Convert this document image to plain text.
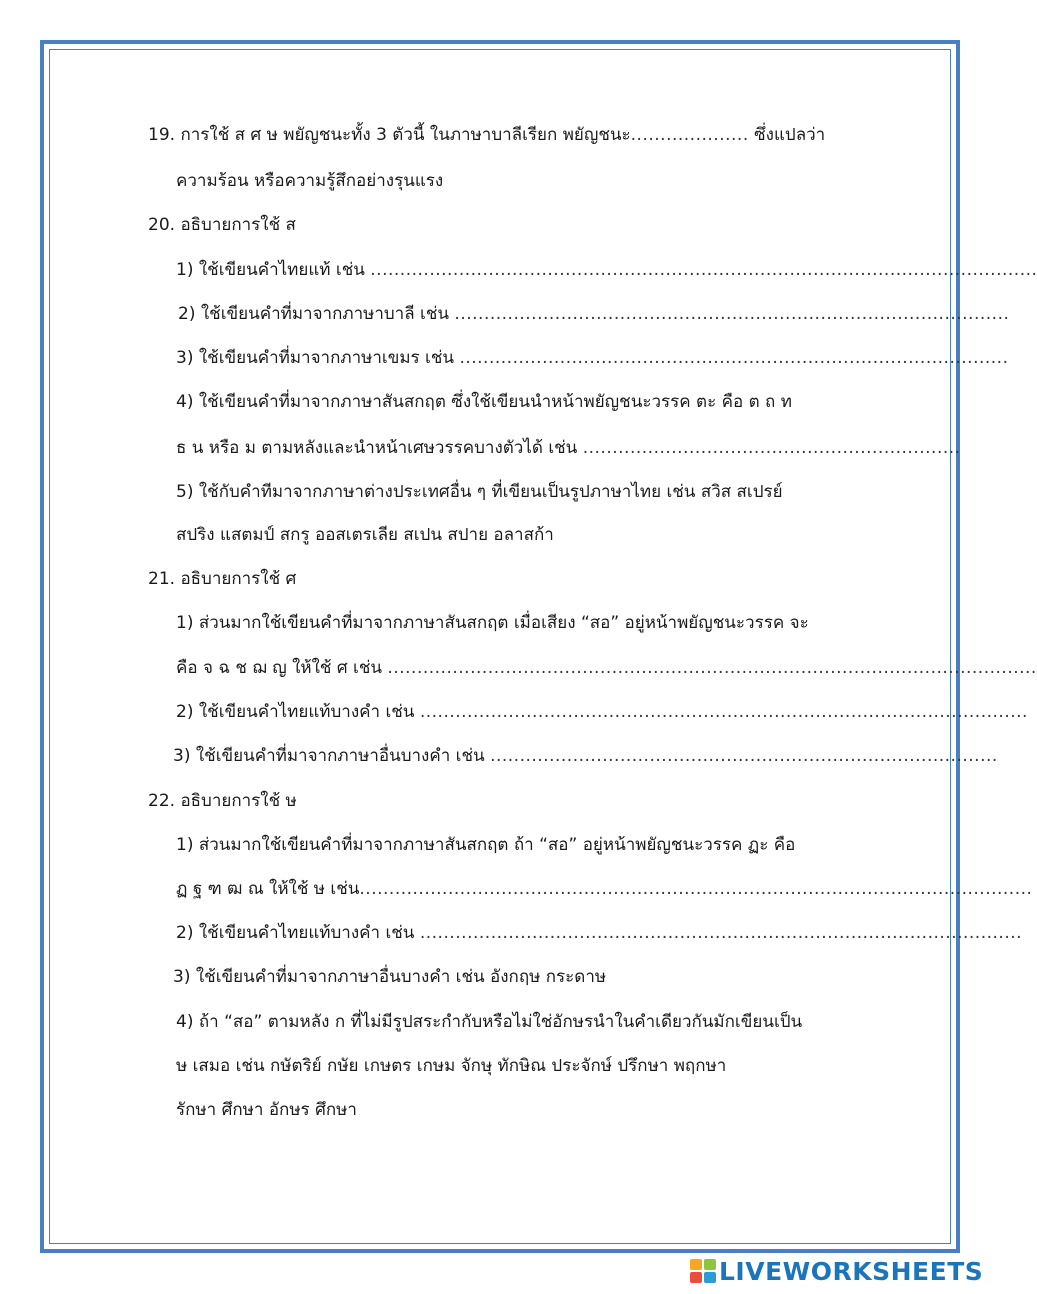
19. การใช้ ส ศ ษ พยัญชนะทั้ง 3 ตัวนี้ ในภาษาบาลีเรียก พยัญชนะ.................... ซึ่งแปลว่า
ความร้อน หรือความรู้สึกอย่างรุนแรง
20. อธิบายการใช้ ส
1) ใช้เขียนคำไทยแท้ เช่น .................................................................................................................
2) ใช้เขียนคำที่มาจากภาษาบาลี เช่น ..............................................................................................
3) ใช้เขียนคำที่มาจากภาษาเขมร เช่น .............................................................................................
4) ใช้เขียนคำที่มาจากภาษาสันสกฤต ซึ่งใช้เขียนนำหน้าพยัญชนะวรรค ตะ คือ ต ถ ท
ธ น หรือ ม ตามหลังและนำหน้าเศษวรรคบางตัวได้ เช่น ................................................................
5) ใช้กับคำทีมาจากภาษาต่างประเทศอื่น ๆ ที่เขียนเป็นรูปภาษาไทย เช่น สวิส สเปรย์
สปริง แสตมป์ สกรู ออสเตรเลีย สเปน สปาย อลาสก้า
21. อธิบายการใช้ ศ
1) ส่วนมากใช้เขียนคำที่มาจากภาษาสันสกฤต เมื่อเสียง “สอ” อยู่หน้าพยัญชนะวรรค จะ
คือ จ ฉ ช ฌ ญ ให้ใช้ ศ เช่น ..............................................................................................................
2) ใช้เขียนคำไทยแท้บางคำ เช่น .......................................................................................................
3) ใช้เขียนคำที่มาจากภาษาอื่นบางคำ เช่น ......................................................................................
22. อธิบายการใช้ ษ
1) ส่วนมากใช้เขียนคำที่มาจากภาษาสันสกฤต ถ้า “สอ” อยู่หน้าพยัญชนะวรรค ฏะ คือ
ฏ ฐ ฑ ฒ ณ ให้ใช้ ษ เช่น..................................................................................................................
2) ใช้เขียนคำไทยแท้บางคำ เช่น ......................................................................................................
3) ใช้เขียนคำที่มาจากภาษาอื่นบางคำ เช่น อังกฤษ กระดาษ
4) ถ้า “สอ” ตามหลัง ก ที่ไม่มีรูปสระกำกับหรือไม่ใช่อักษรนำในคำเดียวกันมักเขียนเป็น
ษ เสมอ เช่น กษัตริย์ กษัย เกษตร เกษม จักษุ ทักษิณ ประจักษ์ ปรึกษา พฤกษา
รักษา ศึกษา อักษร ศึกษา
LIVEWORKSHEETS
